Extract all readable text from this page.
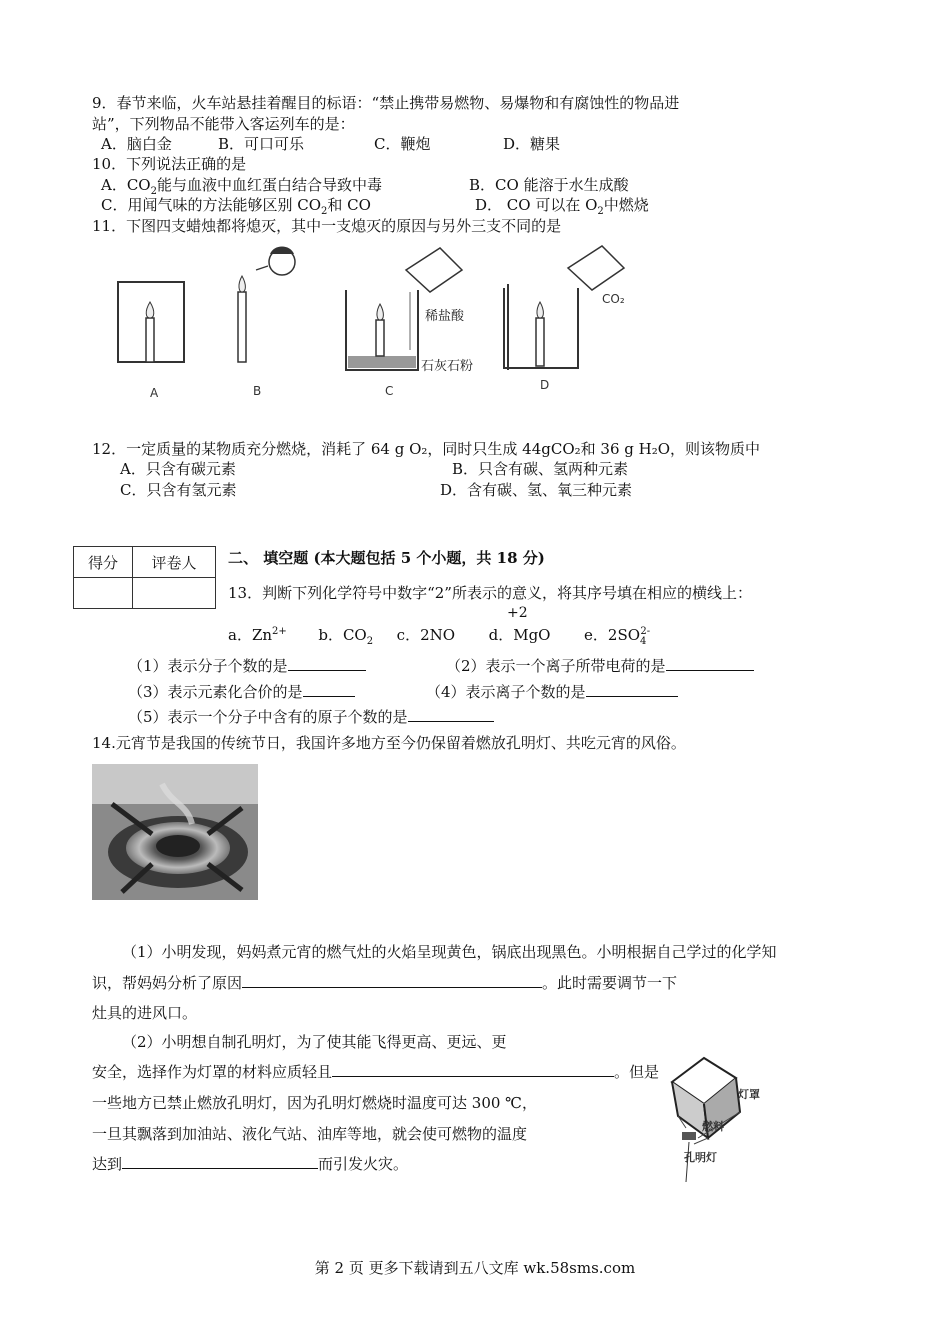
9．春节来临，火车站悬挂着醒目的标语：“禁止携带易燃物、易爆物和有腐蚀性的物品进
站”，下列物品不能带入客运列车的是：
A．脑白金	B．可口可乐	C．鞭炮	D．糖果
10．下列说法正确的是
A．$CO_2$能与血液中血红蛋白结合导致中毒	B．CO 能溶于水生成酸
C．用闻气味的方法能够区别 $CO_2$和 CO	D． CO 可以在 $O_2$中燃烧
11．下图四支蜡烛都将熄灭，其中一支熄灭的原因与另外三支不同的是
稀盐酸
石灰石粉
CO₂
A	B	C	D
12．一定质量的某物质充分燃烧，消耗了 64 g O₂，同时只生成 44gCO₂和 36 g H₂O，则该物质中
A．只含有碳元素	B．只含有碳、氢两种元素
C．只含有氢元素	D．含有碳、氢、氧三种元素
得分	评卷人
	二、 填空题 (本大题包括 5 个小题，共 18 分)
13．判断下列化学符号中数字“2”所表示的意义，将其序号填在相应的横线上：
+2
a．$Zn^{2+}$ b．$CO_2$ c．2NO d．MgO e．$2SO_4^{2-}$
（1）表示分子个数的是	（2）表示一个离子所带电荷的是
（3）表示元素化合价的是	（4）表示离子个数的是
（5）表示一个分子中含有的原子个数的是
14.元宵节是我国的传统节日，我国许多地方至今仍保留着燃放孔明灯、共吃元宵的风俗。
（1）小明发现，妈妈煮元宵的燃气灶的火焰呈现黄色，锅底出现黑色。小明根据自己学过的化学知
识，帮妈妈分析了原因	。此时需要调节一下
灶具的进风口。
（2）小明想自制孔明灯，为了使其能飞得更高、更远、更
安全，选择作为灯罩的材料应质轻且	。但是
一些地方已禁止燃放孔明灯，因为孔明灯燃烧时温度可达 300 ℃，
一旦其飘落到加油站、液化气站、油库等地，就会使可燃物的温度
达到	而引发火灾。
灯罩
燃料
孔明灯
第 2 页 更多下载请到五八文库 wk.58sms.com
